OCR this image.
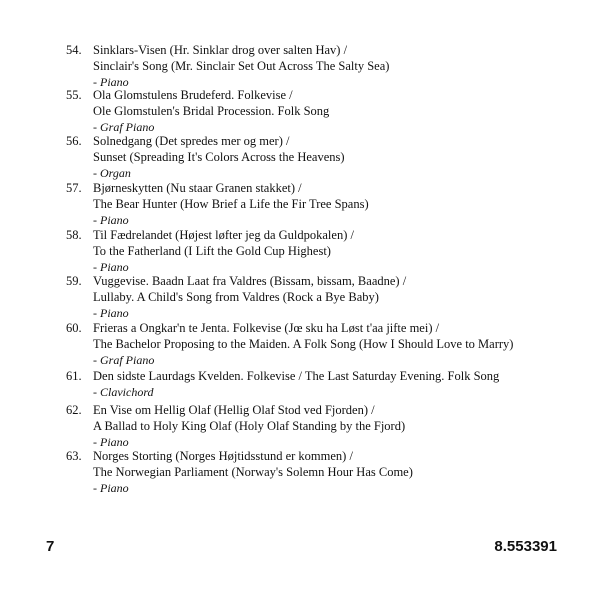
54. Sinklars-Visen (Hr. Sinklar drog over salten Hav) /
Sinclair's Song (Mr. Sinclair Set Out Across The Salty Sea)
- Piano
55. Ola Glomstulens Brudeferd. Folkevise /
Ole Glomstulen's Bridal Procession. Folk Song
- Graf Piano
56. Solnedgang (Det spredes mer og mer) /
Sunset (Spreading It's Colors Across the Heavens)
- Organ
57. Bjørneskytten (Nu staar Granen stakket) /
The Bear Hunter (How Brief a Life the Fir Tree Spans)
- Piano
58. Til Fædrelandet (Højest løfter jeg da Guldpokalen) /
To the Fatherland (I Lift the Gold Cup Highest)
- Piano
59. Vuggevise. Baadn Laat fra Valdres (Bissam, bissam, Baadne) /
Lullaby. A Child's Song from Valdres (Rock a Bye Baby)
- Piano
60. Frieras a Ongkar'n te Jenta. Folkevise (Jœ sku ha Løst t'aa jifte mei) /
The Bachelor Proposing to the Maiden. A Folk Song (How I Should Love to Marry)
- Graf Piano
61. Den sidste Laurdags Kvelden. Folkevise / The Last Saturday Evening. Folk Song
- Clavichord
62. En Vise om Hellig Olaf (Hellig Olaf Stod ved Fjorden) /
A Ballad to Holy King Olaf (Holy Olaf Standing by the Fjord)
- Piano
63. Norges Storting (Norges Højtidsstund er kommen) /
The Norwegian Parliament (Norway's Solemn Hour Has Come)
- Piano
7	8.553391
